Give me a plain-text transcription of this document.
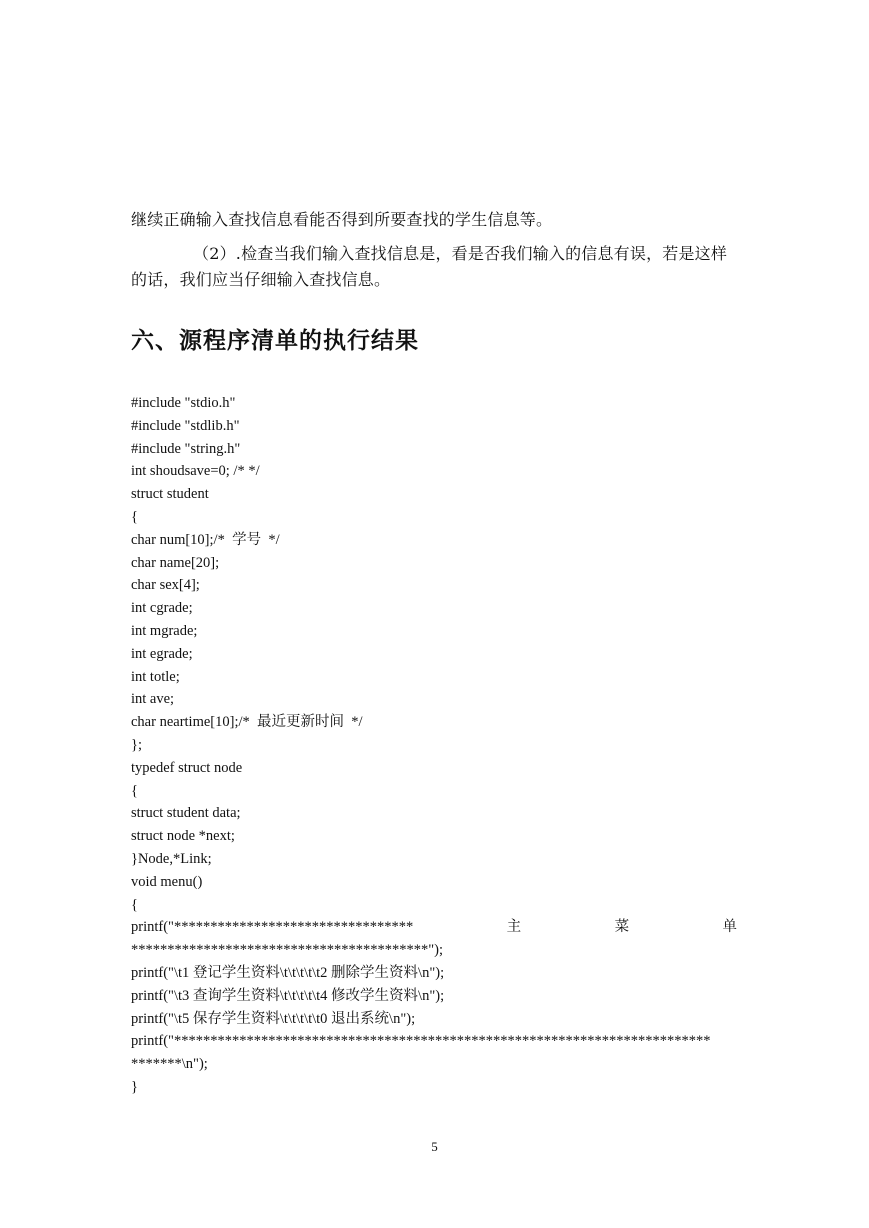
继续正确输入查找信息看能否得到所要查找的学生信息等。
（2）.检查当我们输入查找信息是，看是否我们输入的信息有误，若是这样的话，我们应当仔细输入查找信息。
六、源程序清单的执行结果
#include "stdio.h"
#include "stdlib.h"
#include "string.h"
int shoudsave=0; /* */
struct student
{
char num[10];/*  学号  */
char name[20];
char sex[4];
int cgrade;
int mgrade;
int egrade;
int totle;
int ave;
char neartime[10];/*  最近更新时间  */
};
typedef struct node
{
struct student data;
struct node *next;
}Node,*Link;
void menu()
{
printf("*********************************	主	菜	单
*****************************************");
printf("\t1 登记学生资料\t\t\t\t\t2 删除学生资料\n");
printf("\t3 查询学生资料\t\t\t\t\t4 修改学生资料\n");
printf("\t5 保存学生资料\t\t\t\t\t0 退出系统\n");
printf("**************************************************************************
*******\n");
}
5
